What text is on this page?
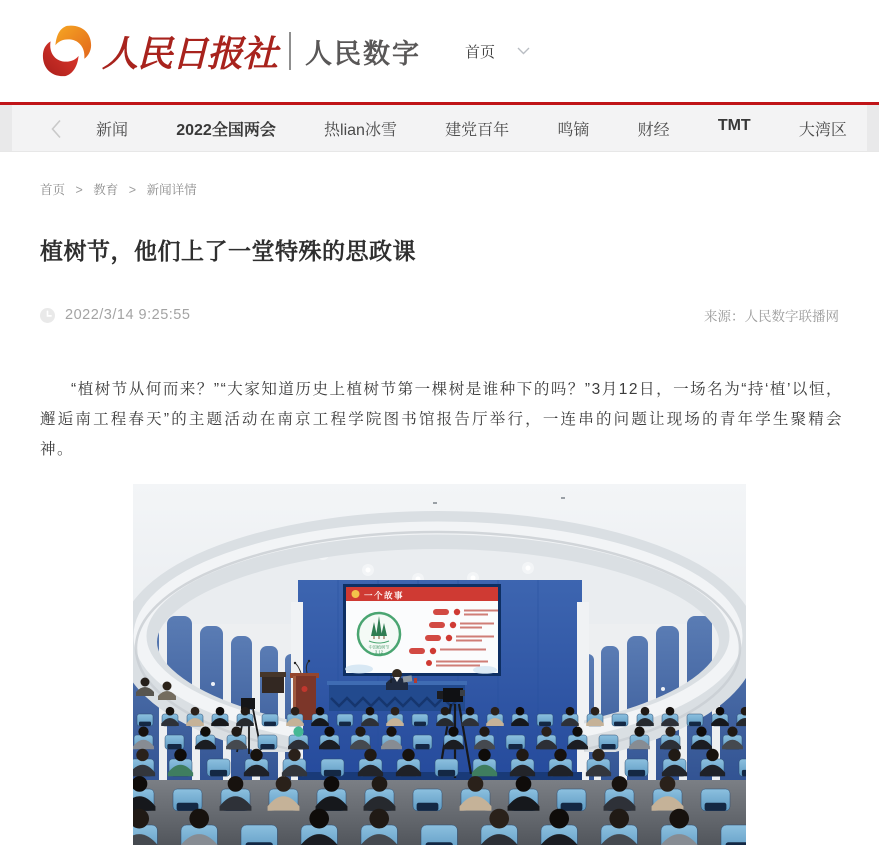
人民日报社 人民数字	首页
新闻	2022全国两会	热lian冰雪	建党百年	鸣镝	财经	TMT	大湾区
首页 > 教育 > 新闻详情
植树节，他们上了一堂特殊的思政课
2022/3/14 9:25:55	来源：人民数字联播网

“植树节从何而来？”“大家知道历史上植树节第一棵树是谁种下的吗？”3月12日，一场名为“持‘植’以恒，邂逅南工程春天”的主题活动在南京工程学院图书馆报告厅举行，一连串的问题让现场的青年学生聚精会神。

一个故事
中国植树节
3.12
